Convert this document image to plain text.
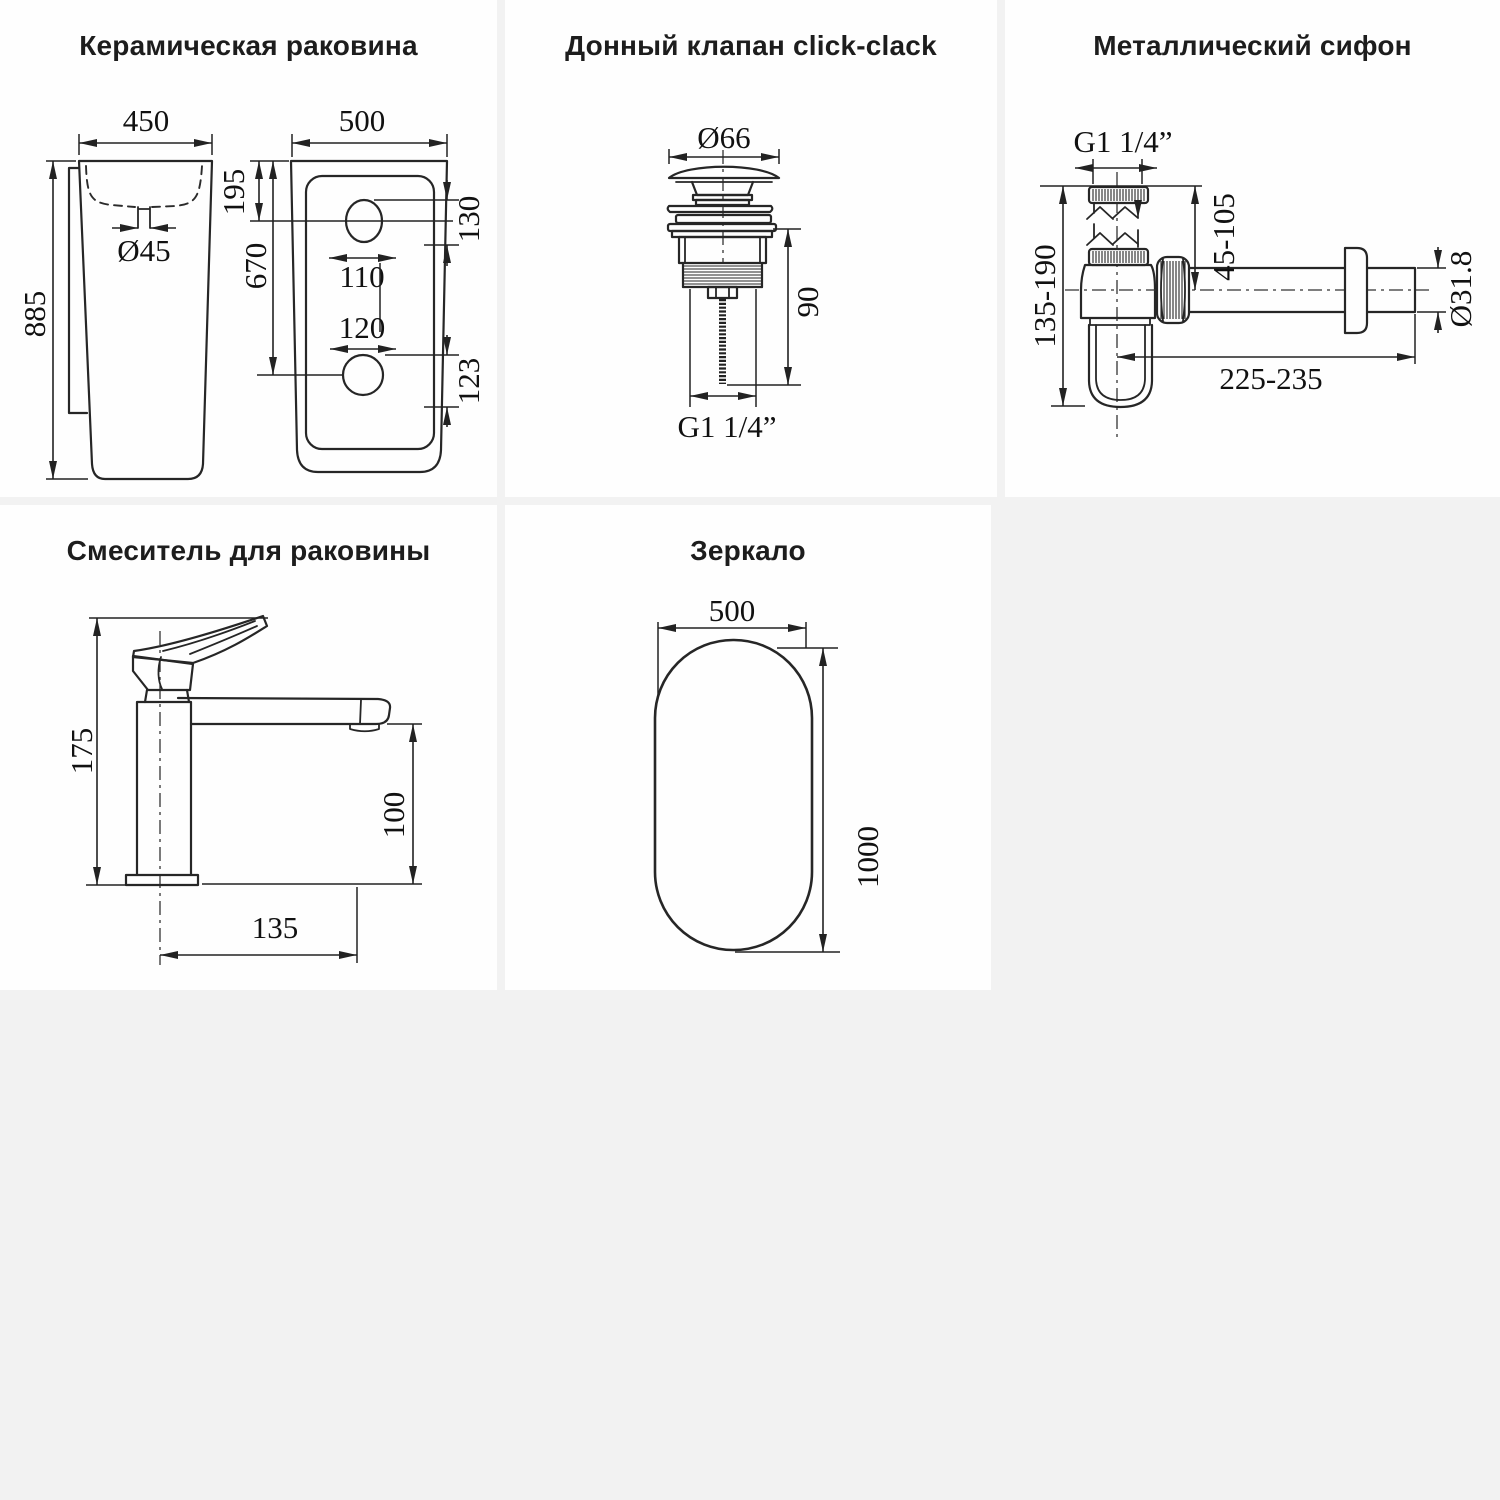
Керамическая раковина
450
885
Ø45
500
195
670
130
110
120
123
Донный клапан click-clack
Ø66
90
G1 1/4”
Металлический сифон
G1 1/4”
135-190
45-105
Ø31.8
225-235
Смеситель для раковины
175
100
135
Зеркало
500
1000
